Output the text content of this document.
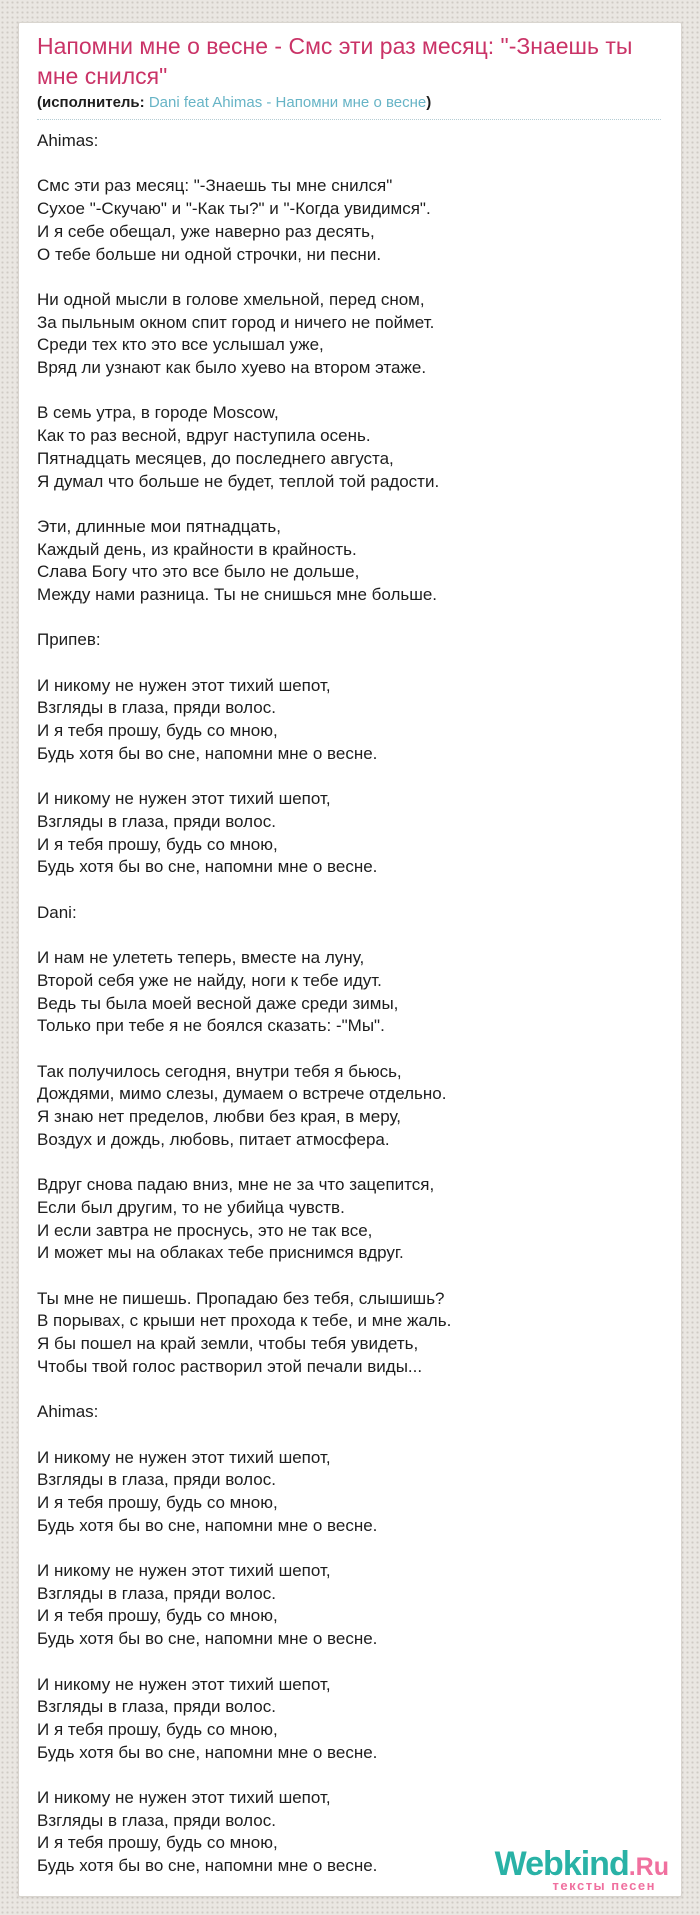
Напомни мне о весне - Смс эти раз месяц: "-Знаешь ты мне снился"
(исполнитель: Dani feat Ahimas - Напомни мне о весне)
Ahimas:
Смс эти раз месяц: "-Знаешь ты мне снился"
Сухое "-Скучаю" и "-Как ты?" и "-Когда увидимся".
И я себе обещал, уже наверно раз десять,
О тебе больше ни одной строчки, ни песни.
Ни одной мысли в голове хмельной, перед сном,
За пыльным окном спит город и ничего не поймет.
Среди тех кто это все услышал уже,
Вряд ли узнают как было хуево на втором этаже.
В семь утра, в городе Moscow,
Как то раз весной, вдруг наступила осень.
Пятнадцать месяцев, до последнего августа,
Я думал что больше не будет, теплой той радости.
Эти, длинные мои пятнадцать,
Каждый день, из крайности в крайность.
Слава Богу что это все было не дольше,
Между нами разница. Ты не снишься мне больше.
Припев:
И никому не нужен этот тихий шепот,
Взгляды в глаза, пряди волос.
И я тебя прошу, будь со мною,
Будь хотя бы во сне, напомни мне о весне.
И никому не нужен этот тихий шепот,
Взгляды в глаза, пряди волос.
И я тебя прошу, будь со мною,
Будь хотя бы во сне, напомни мне о весне.
Dani:
И нам не улететь теперь, вместе на луну,
Второй себя уже не найду, ноги к тебе идут.
Ведь ты была моей весной даже среди зимы,
Только при тебе я не боялся сказать: -"Мы".
Так получилось сегодня, внутри тебя я бьюсь,
Дождями, мимо слезы, думаем о встрече отдельно.
Я знаю нет пределов, любви без края, в меру,
Воздух и дождь, любовь, питает атмосфера.
Вдруг снова падаю вниз, мне не за что зацепится,
Если был другим, то не убийца чувств.
И если завтра не проснусь, это не так все,
И может мы на облаках тебе приснимся вдруг.
Ты мне не пишешь. Пропадаю без тебя, слышишь?
В порывах, с крыши нет прохода к тебе, и мне жаль.
Я бы пошел на край земли, чтобы тебя увидеть,
Чтобы твой голос растворил этой печали виды...
Ahimas:
И никому не нужен этот тихий шепот,
Взгляды в глаза, пряди волос.
И я тебя прошу, будь со мною,
Будь хотя бы во сне, напомни мне о весне.
И никому не нужен этот тихий шепот,
Взгляды в глаза, пряди волос.
И я тебя прошу, будь со мною,
Будь хотя бы во сне, напомни мне о весне.
И никому не нужен этот тихий шепот,
Взгляды в глаза, пряди волос.
И я тебя прошу, будь со мною,
Будь хотя бы во сне, напомни мне о весне.
И никому не нужен этот тихий шепот,
Взгляды в глаза, пряди волос.
И я тебя прошу, будь со мною,
Будь хотя бы во сне, напомни мне о весне.	Webkind.Ru
тексты песен
